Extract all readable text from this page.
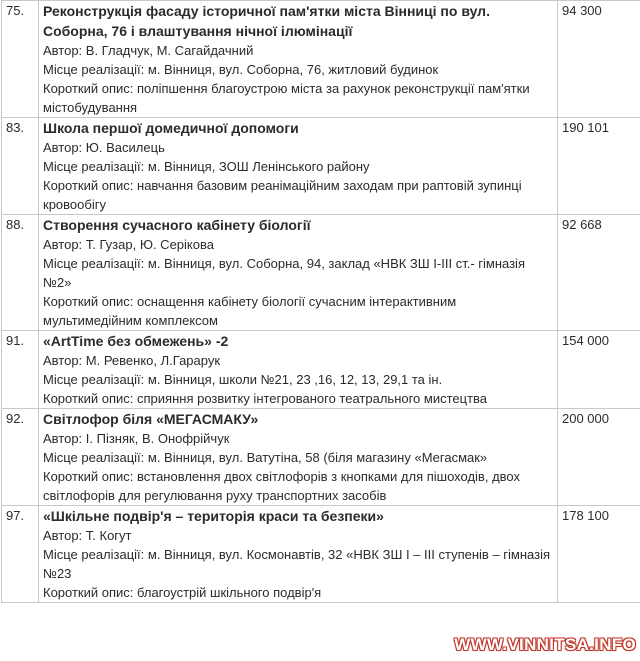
75.	Реконструкція фасаду історичної пам'ятки міста Вінниці по вул. Соборна, 76 і влаштування нічної ілюмінації
Автор: В. Гладчук, М. Сагайдачний
Місце реалізації: м. Вінниця, вул. Соборна, 76, житловий будинок
Короткий опис: поліпшення благоустрою міста за рахунок реконструкції пам'ятки містобудування	94 300
83.	Школа першої домедичної допомоги
Автор: Ю. Василець
Місце реалізації: м. Вінниця, ЗОШ Ленінського району
Короткий опис: навчання базовим реанімаційним заходам при раптовій зупинці кровообігу	190 101
88.	Створення сучасного кабінету біології
Автор: Т. Гузар, Ю. Серікова
Місце реалізації: м. Вінниця, вул. Соборна, 94, заклад «НВК ЗШ І-ІІІ ст.- гімназія №2»
Короткий опис: оснащення кабінету біології сучасним інтерактивним мультимедійним комплексом	92 668
91.	«ArtTime без обмежень» -2
Автор: М. Ревенко, Л.Гарарук
Місце реалізації: м. Вінниця, школи №21, 23 ,16, 12, 13, 29,1 та ін.
Короткий опис: сприяння розвитку інтегрованого театрального мистецтва	154 000
92.	Світлофор біля «МЕГАСМАКУ»
Автор: І. Пізняк, В. Онофрійчук
Місце реалізації: м. Вінниця, вул. Ватутіна, 58 (біля магазину «Мегасмак»
Короткий опис: встановлення двох світлофорів з кнопками для пішоходів, двох світлофорів для регулювання руху транспортних засобів	200 000
97.	«Шкільне подвір'я – територія краси та безпеки»
Автор: Т. Когут
Місце реалізації: м. Вінниця, вул. Космонавтів, 32 «НВК ЗШ І – ІІІ ступенів – гімназія №23
Короткий опис: благоустрій шкільного подвір'я	178 100
WWW.VINNITSA.INFO
